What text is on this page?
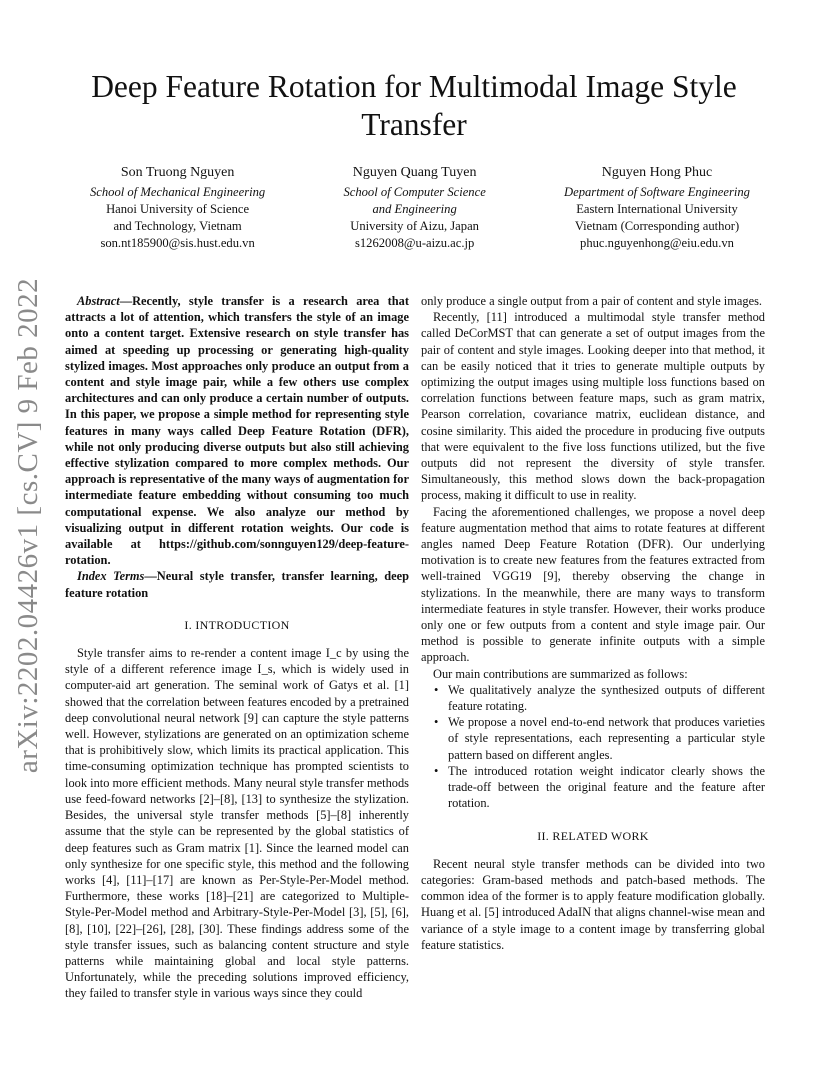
arXiv:2202.04426v1 [cs.CV] 9 Feb 2022
Deep Feature Rotation for Multimodal Image Style Transfer
Son Truong Nguyen
School of Mechanical Engineering
Hanoi University of Science
and Technology, Vietnam
son.nt185900@sis.hust.edu.vn
Nguyen Quang Tuyen
School of Computer Science
and Engineering
University of Aizu, Japan
s1262008@u-aizu.ac.jp
Nguyen Hong Phuc
Department of Software Engineering
Eastern International University
Vietnam (Corresponding author)
phuc.nguyenhong@eiu.edu.vn

Abstract—Recently, style transfer is a research area that attracts a lot of attention, which transfers the style of an image onto a content target. Extensive research on style transfer has aimed at speeding up processing or generating high-quality stylized images. Most approaches only produce an output from a content and style image pair, while a few others use complex architectures and can only produce a certain number of outputs. In this paper, we propose a simple method for representing style features in many ways called Deep Feature Rotation (DFR), while not only producing diverse outputs but also still achieving effective stylization compared to more complex methods. Our approach is representative of the many ways of augmentation for intermediate feature embedding without consuming too much computational expense. We also analyze our method by visualizing output in different rotation weights. Our code is available at https://github.com/sonnguyen129/deep-feature-rotation.

Index Terms—Neural style transfer, transfer learning, deep feature rotation

I. INTRODUCTION

Style transfer aims to re-render a content image I_c by using the style of a different reference image I_s, which is widely used in computer-aid art generation. The seminal work of Gatys et al. [1] showed that the correlation between features encoded by a pretrained deep convolutional neural network [9] can capture the style patterns well. However, stylizations are generated on an optimization scheme that is prohibitively slow, which limits its practical application. This time-consuming optimization technique has prompted scientists to look into more efficient methods. Many neural style transfer methods use feed-foward networks [2]–[8], [13] to synthesize the stylization. Besides, the universal style transfer methods [5]–[8] inherently assume that the style can be represented by the global statistics of deep features such as Gram matrix [1]. Since the learned model can only synthesize for one specific style, this method and the following works [4], [11]–[17] are known as Per-Style-Per-Model method. Furthermore, these works [18]–[21] are categorized to Multiple-Style-Per-Model method and Arbitrary-Style-Per-Model [3], [5], [6], [8], [10], [22]–[26], [28], [30]. These findings address some of the style transfer issues, such as balancing content structure and style patterns while maintaining global and local style patterns. Unfortunately, while the preceding solutions improved efficiency, they failed to transfer style in various ways since they could

only produce a single output from a pair of content and style images.

Recently, [11] introduced a multimodal style transfer method called DeCorMST that can generate a set of output images from the pair of content and style images. Looking deeper into that method, it can be easily noticed that it tries to generate multiple outputs by optimizing the output images using multiple loss functions based on correlation functions between feature maps, such as gram matrix, Pearson correlation, covariance matrix, euclidean distance, and cosine similarity. This aided the procedure in producing five outputs that were equivalent to the five loss functions utilized, but the five outputs did not represent the diversity of style transfer. Simultaneously, this method slows down the back-propagation process, making it difficult to use in reality.

Facing the aforementioned challenges, we propose a novel deep feature augmentation method that aims to rotate features at different angles named Deep Feature Rotation (DFR). Our underlying motivation is to create new features from the features extracted from well-trained VGG19 [9], thereby observing the change in stylizations. In the meanwhile, there are many ways to transform intermediate features in style transfer. However, their works produce only one or few outputs from a content and style image pair. Our method is possible to generate infinite outputs with a simple approach.

Our main contributions are summarized as follows:

• We qualitatively analyze the synthesized outputs of different feature rotating.
• We propose a novel end-to-end network that produces varieties of style representations, each representing a particular style pattern based on different angles.
• The introduced rotation weight indicator clearly shows the trade-off between the original feature and the feature after rotation.
II. RELATED WORK

Recent neural style transfer methods can be divided into two categories: Gram-based methods and patch-based methods. The common idea of the former is to apply feature modification globally. Huang et al. [5] introduced AdaIN that aligns channel-wise mean and variance of a style image to a content image by transferring global feature statistics.
